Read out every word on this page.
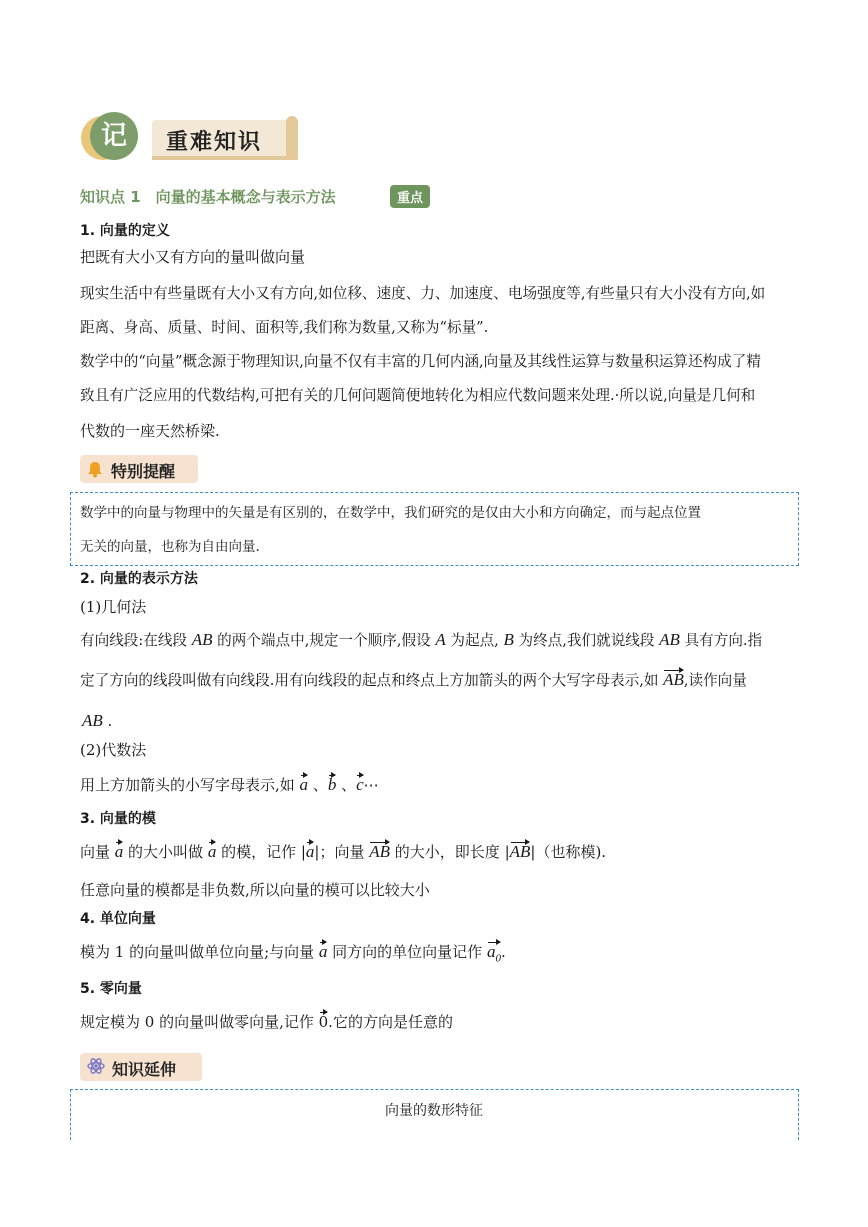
记	重难知识
知识点 1　向量的基本概念与表示方法	重点
1. 向量的定义
把既有大小又有方向的量叫做向量
现实生活中有些量既有大小又有方向,如位移、速度、力、加速度、电场强度等,有些量只有大小没有方向,如
距离、身高、质量、时间、面积等,我们称为数量,又称为“标量”.
数学中的“向量”概念源于物理知识,向量不仅有丰富的几何内涵,向量及其线性运算与数量积运算还构成了精
致且有广泛应用的代数结构,可把有关的几何问题简便地转化为相应代数问题来处理.·所以说,向量是几何和
代数的一座天然桥梁.
特别提醒
数学中的向量与物理中的矢量是有区别的，在数学中，我们研究的是仅由大小和方向确定，而与起点位置
无关的向量，也称为自由向量.
2. 向量的表示方法
(1)几何法
有向线段:在线段 AB 的两个端点中,规定一个顺序,假设 A 为起点, B 为终点,我们就说线段 AB 具有方向.指
定了方向的线段叫做有向线段.用有向线段的起点和终点上方加箭头的两个大写字母表示,如 AB,读作向量
AB .
(2)代数法
用上方加箭头的小写字母表示,如 a 、b 、c⋯
3. 向量的模
向量 a 的大小叫做 a 的模，记作 |a|；向量 AB 的大小，即长度 |AB|（也称模).
任意向量的模都是非负数,所以向量的模可以比较大小
4. 单位向量
模为 1 的向量叫做单位向量;与向量 a 同方向的单位向量记作 $a_0$.
5. 零向量
规定模为 0 的向量叫做零向量,记作 0.它的方向是任意的
知识延伸
向量的数形特征
